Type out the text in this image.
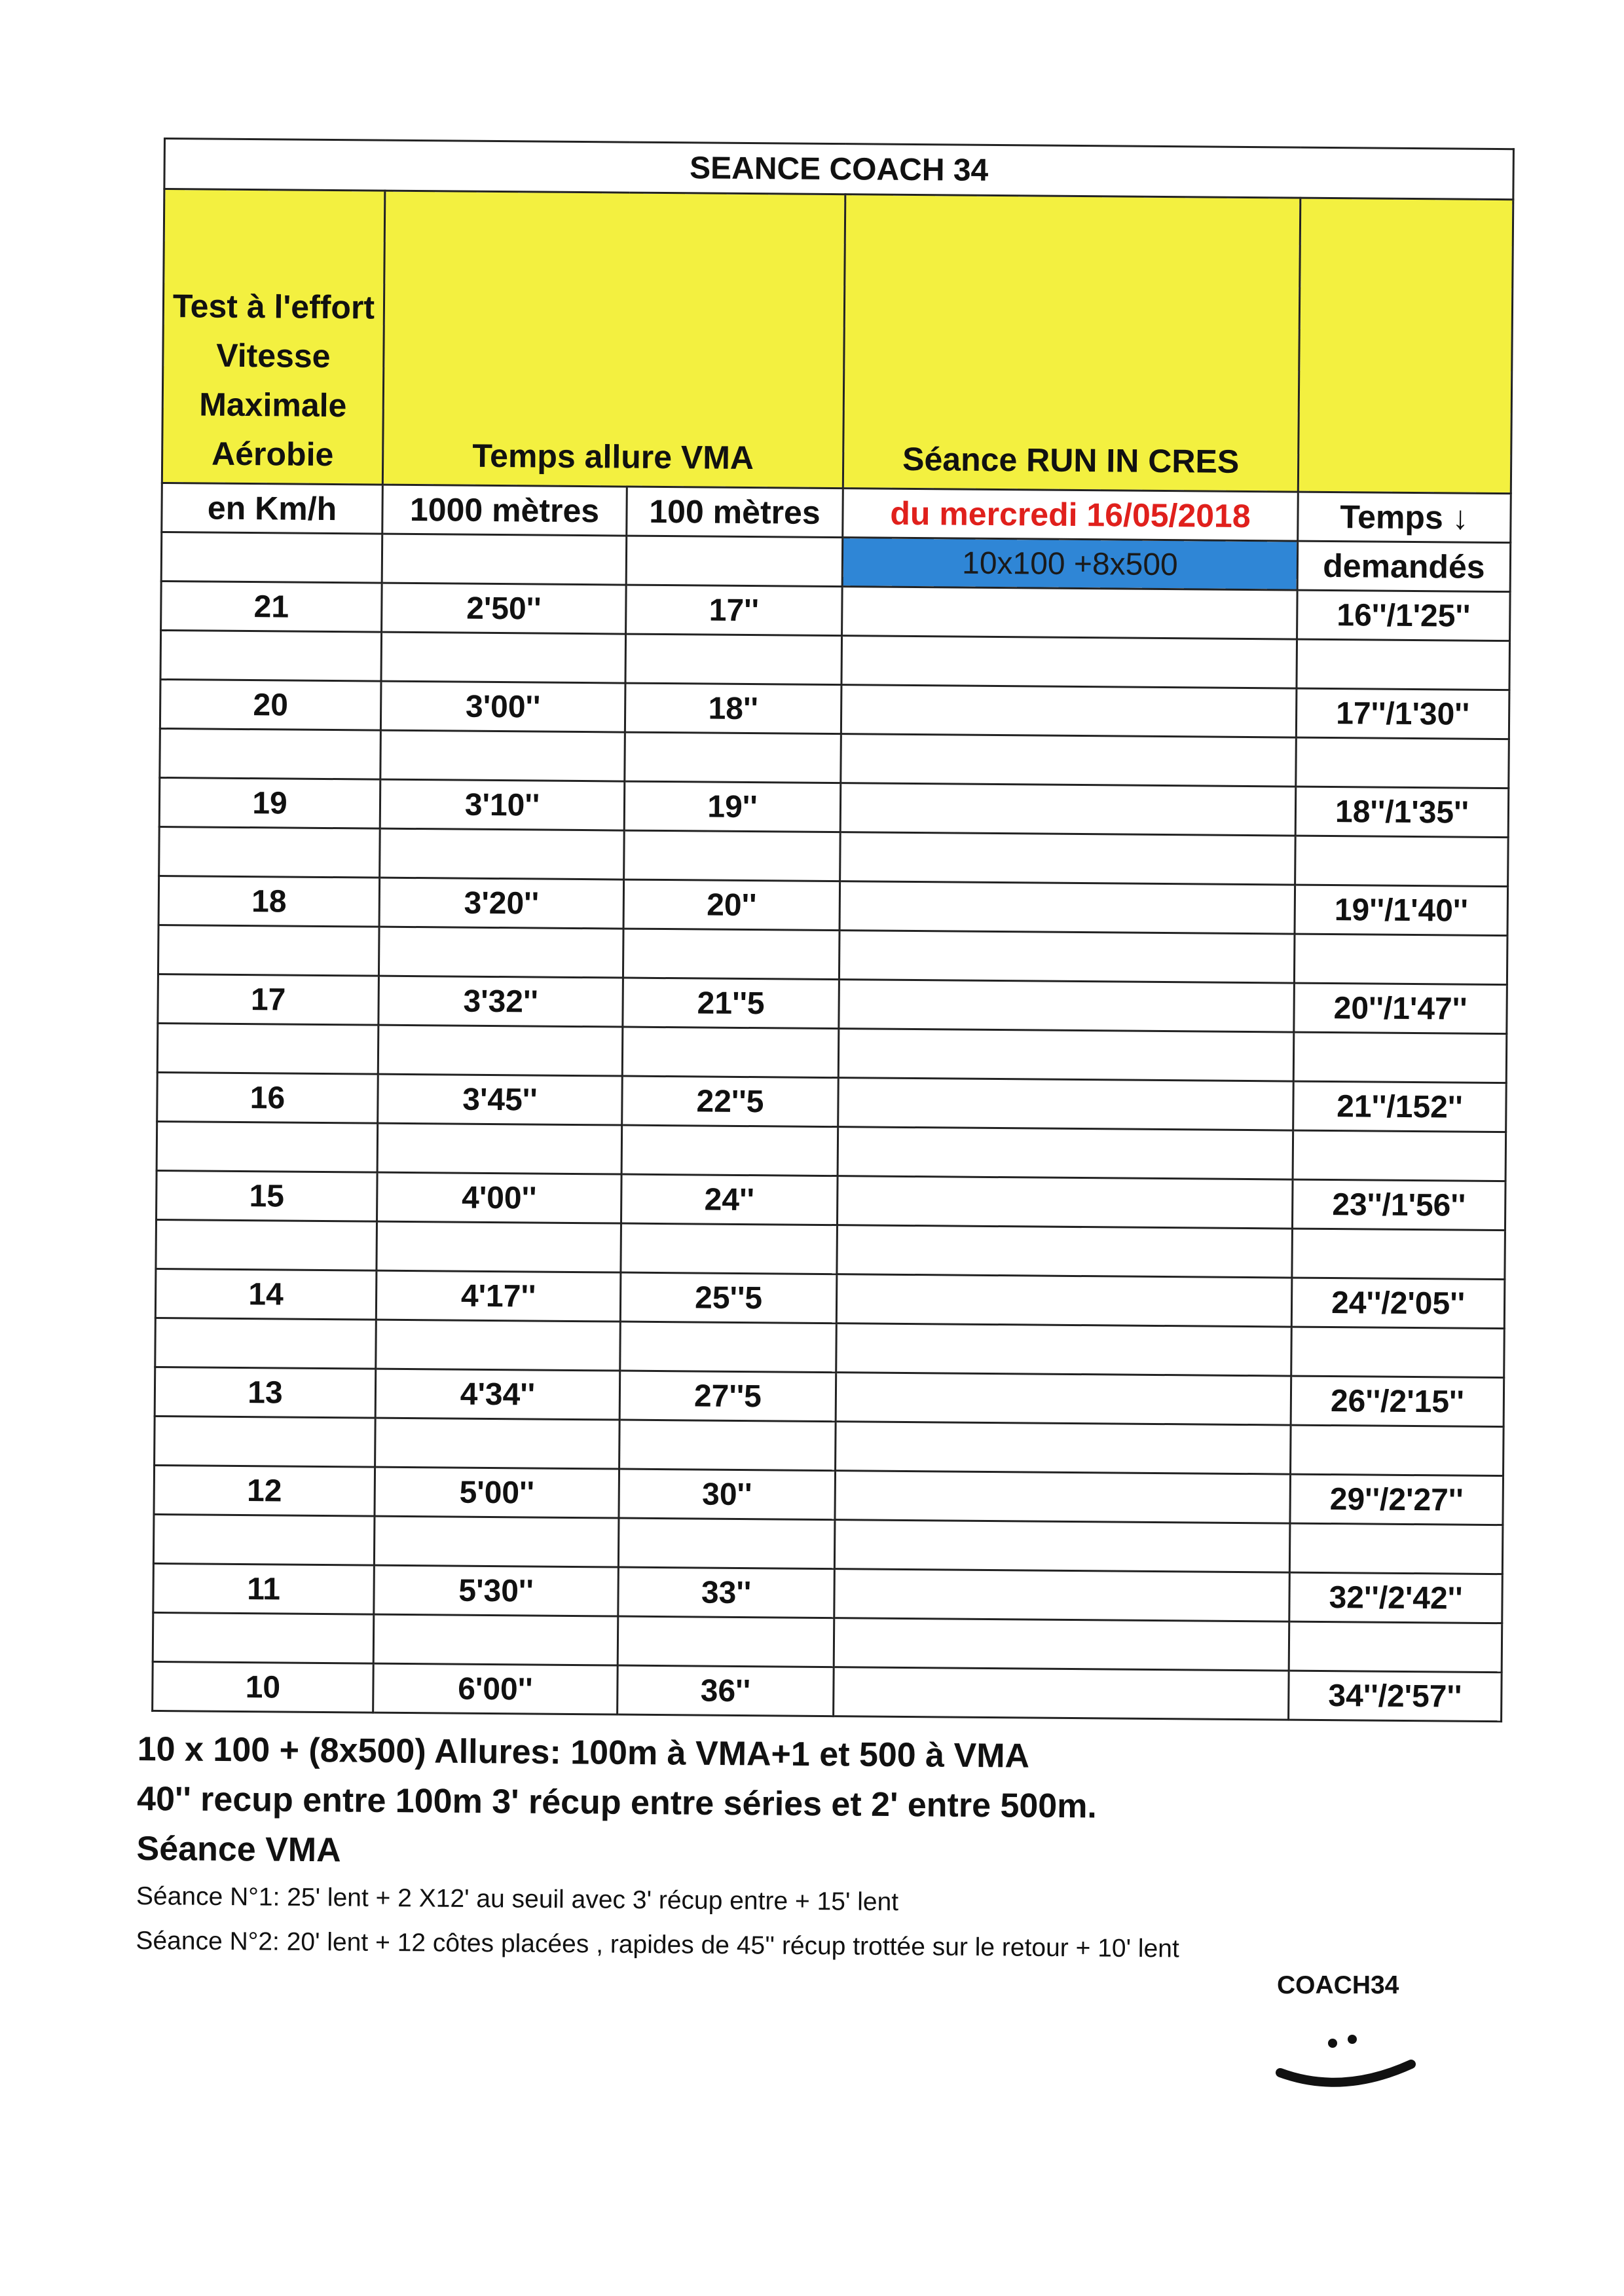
SEANCE COACH 34				
Test à l'effort Vitesse Maximale Aérobie	Temps allure VMA		Séance RUN IN CRES	
en Km/h	1000 mètres	100 mètres	du mercredi 16/05/2018	Temps ↓
			10x100 +8x500	demandés
21	2'50''	17''		16''/1'25''

20	3'00''	18''		17''/1'30''

19	3'10''	19''		18''/1'35''

18	3'20''	20''		19''/1'40''

17	3'32''	21''5		20''/1'47''

16	3'45''	22''5		21''/152''

15	4'00''	24''		23''/1'56''

14	4'17''	25''5		24''/2'05''

13	4'34''	27''5		26''/2'15''

12	5'00''	30''		29''/2'27''

11	5'30''	33''		32''/2'42''

10	6'00''	36''		34''/2'57''

10 x 100 + (8x500) Allures: 100m à VMA+1 et 500 à VMA

40'' recup entre 100m 3' récup entre séries et 2' entre 500m.

Séance VMA

Séance N°1: 25' lent + 2 X12' au seuil avec 3' récup entre + 15' lent

Séance N°2: 20' lent + 12 côtes placées , rapides de 45'' récup trottée sur le retour + 10' lent

COACH34
